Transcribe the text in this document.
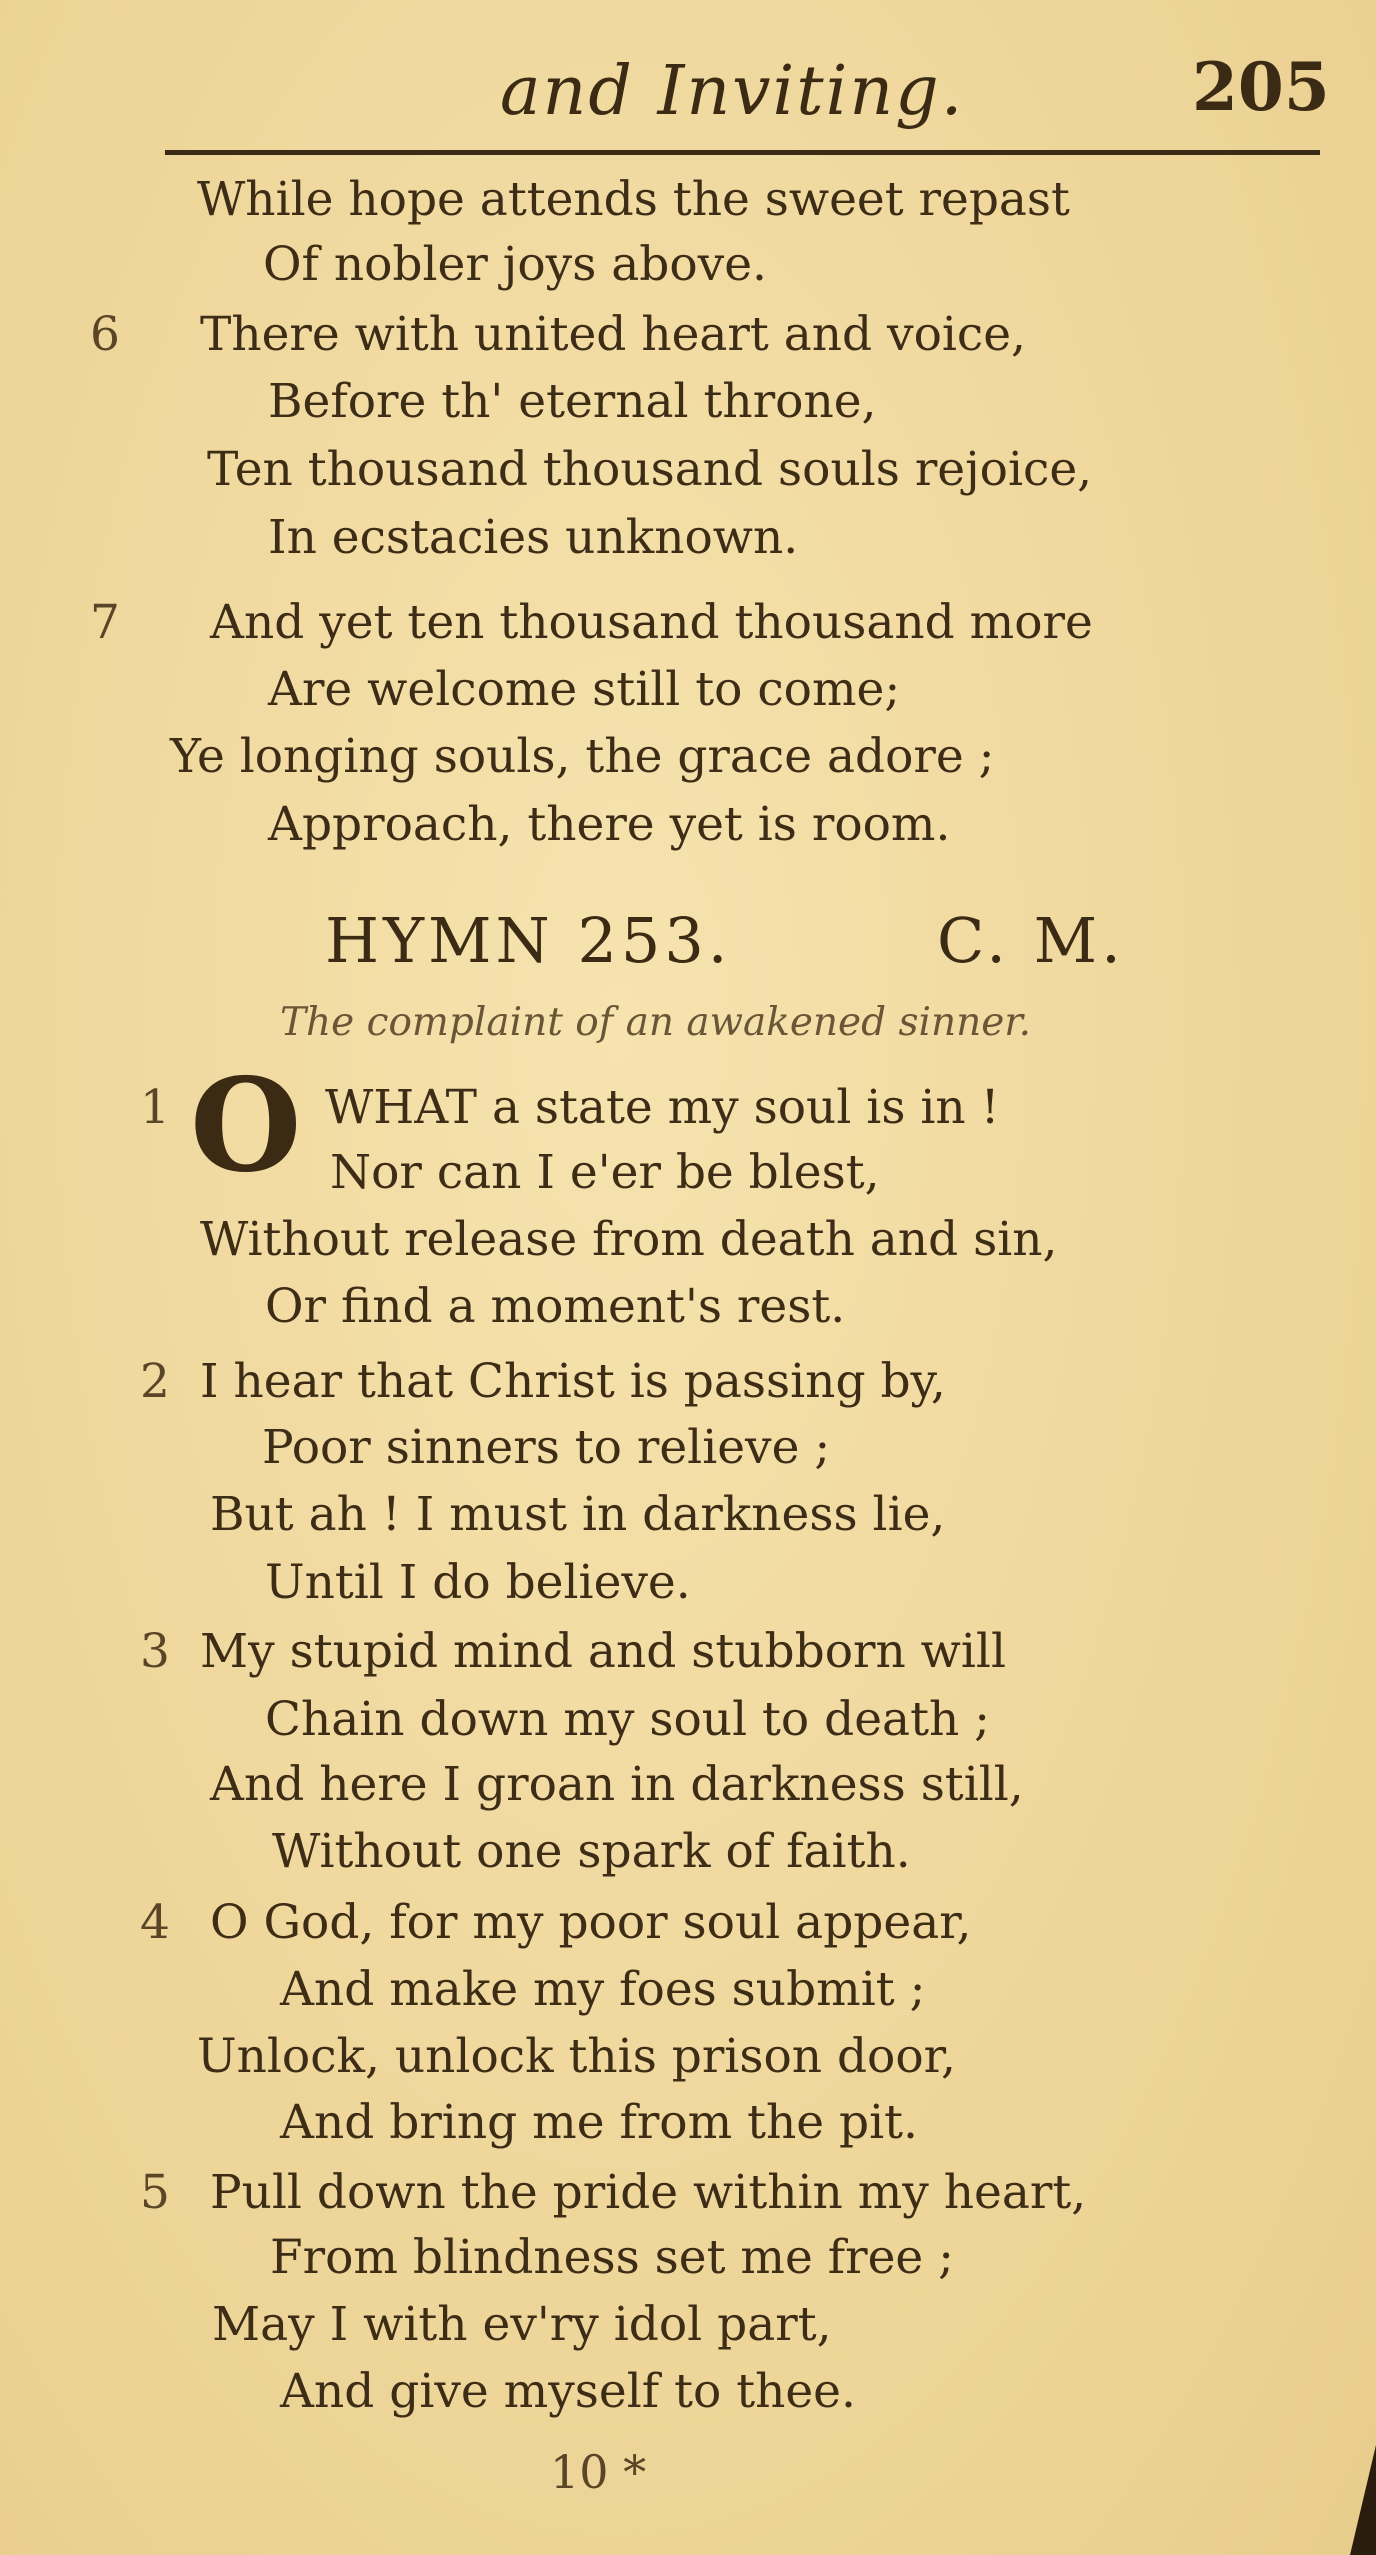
and Inviting.	205
While hope attends the sweet repast
Of nobler joys above.
6 There with united heart and voice,
Before th' eternal throne,
Ten thousand thousand souls rejoice,
In ecstacies unknown.
7 And yet ten thousand thousand more
Are welcome still to come;
Ye longing souls, the grace adore ;
Approach, there yet is room.
HYMN 253.	C. M.
The complaint of an awakened sinner.
1 O WHAT a state my soul is in !
Nor can I e'er be blest,
Without release from death and sin,
Or find a moment's rest.
2 I hear that Christ is passing by,
Poor sinners to relieve ;
But ah ! I must in darkness lie,
Until I do believe.
3 My stupid mind and stubborn will
Chain down my soul to death ;
And here I groan in darkness still,
Without one spark of faith.
4 O God, for my poor soul appear,
And make my foes submit ;
Unlock, unlock this prison door,
And bring me from the pit.
5 Pull down the pride within my heart,
From blindness set me free ;
May I with ev'ry idol part,
And give myself to thee.
10 *
